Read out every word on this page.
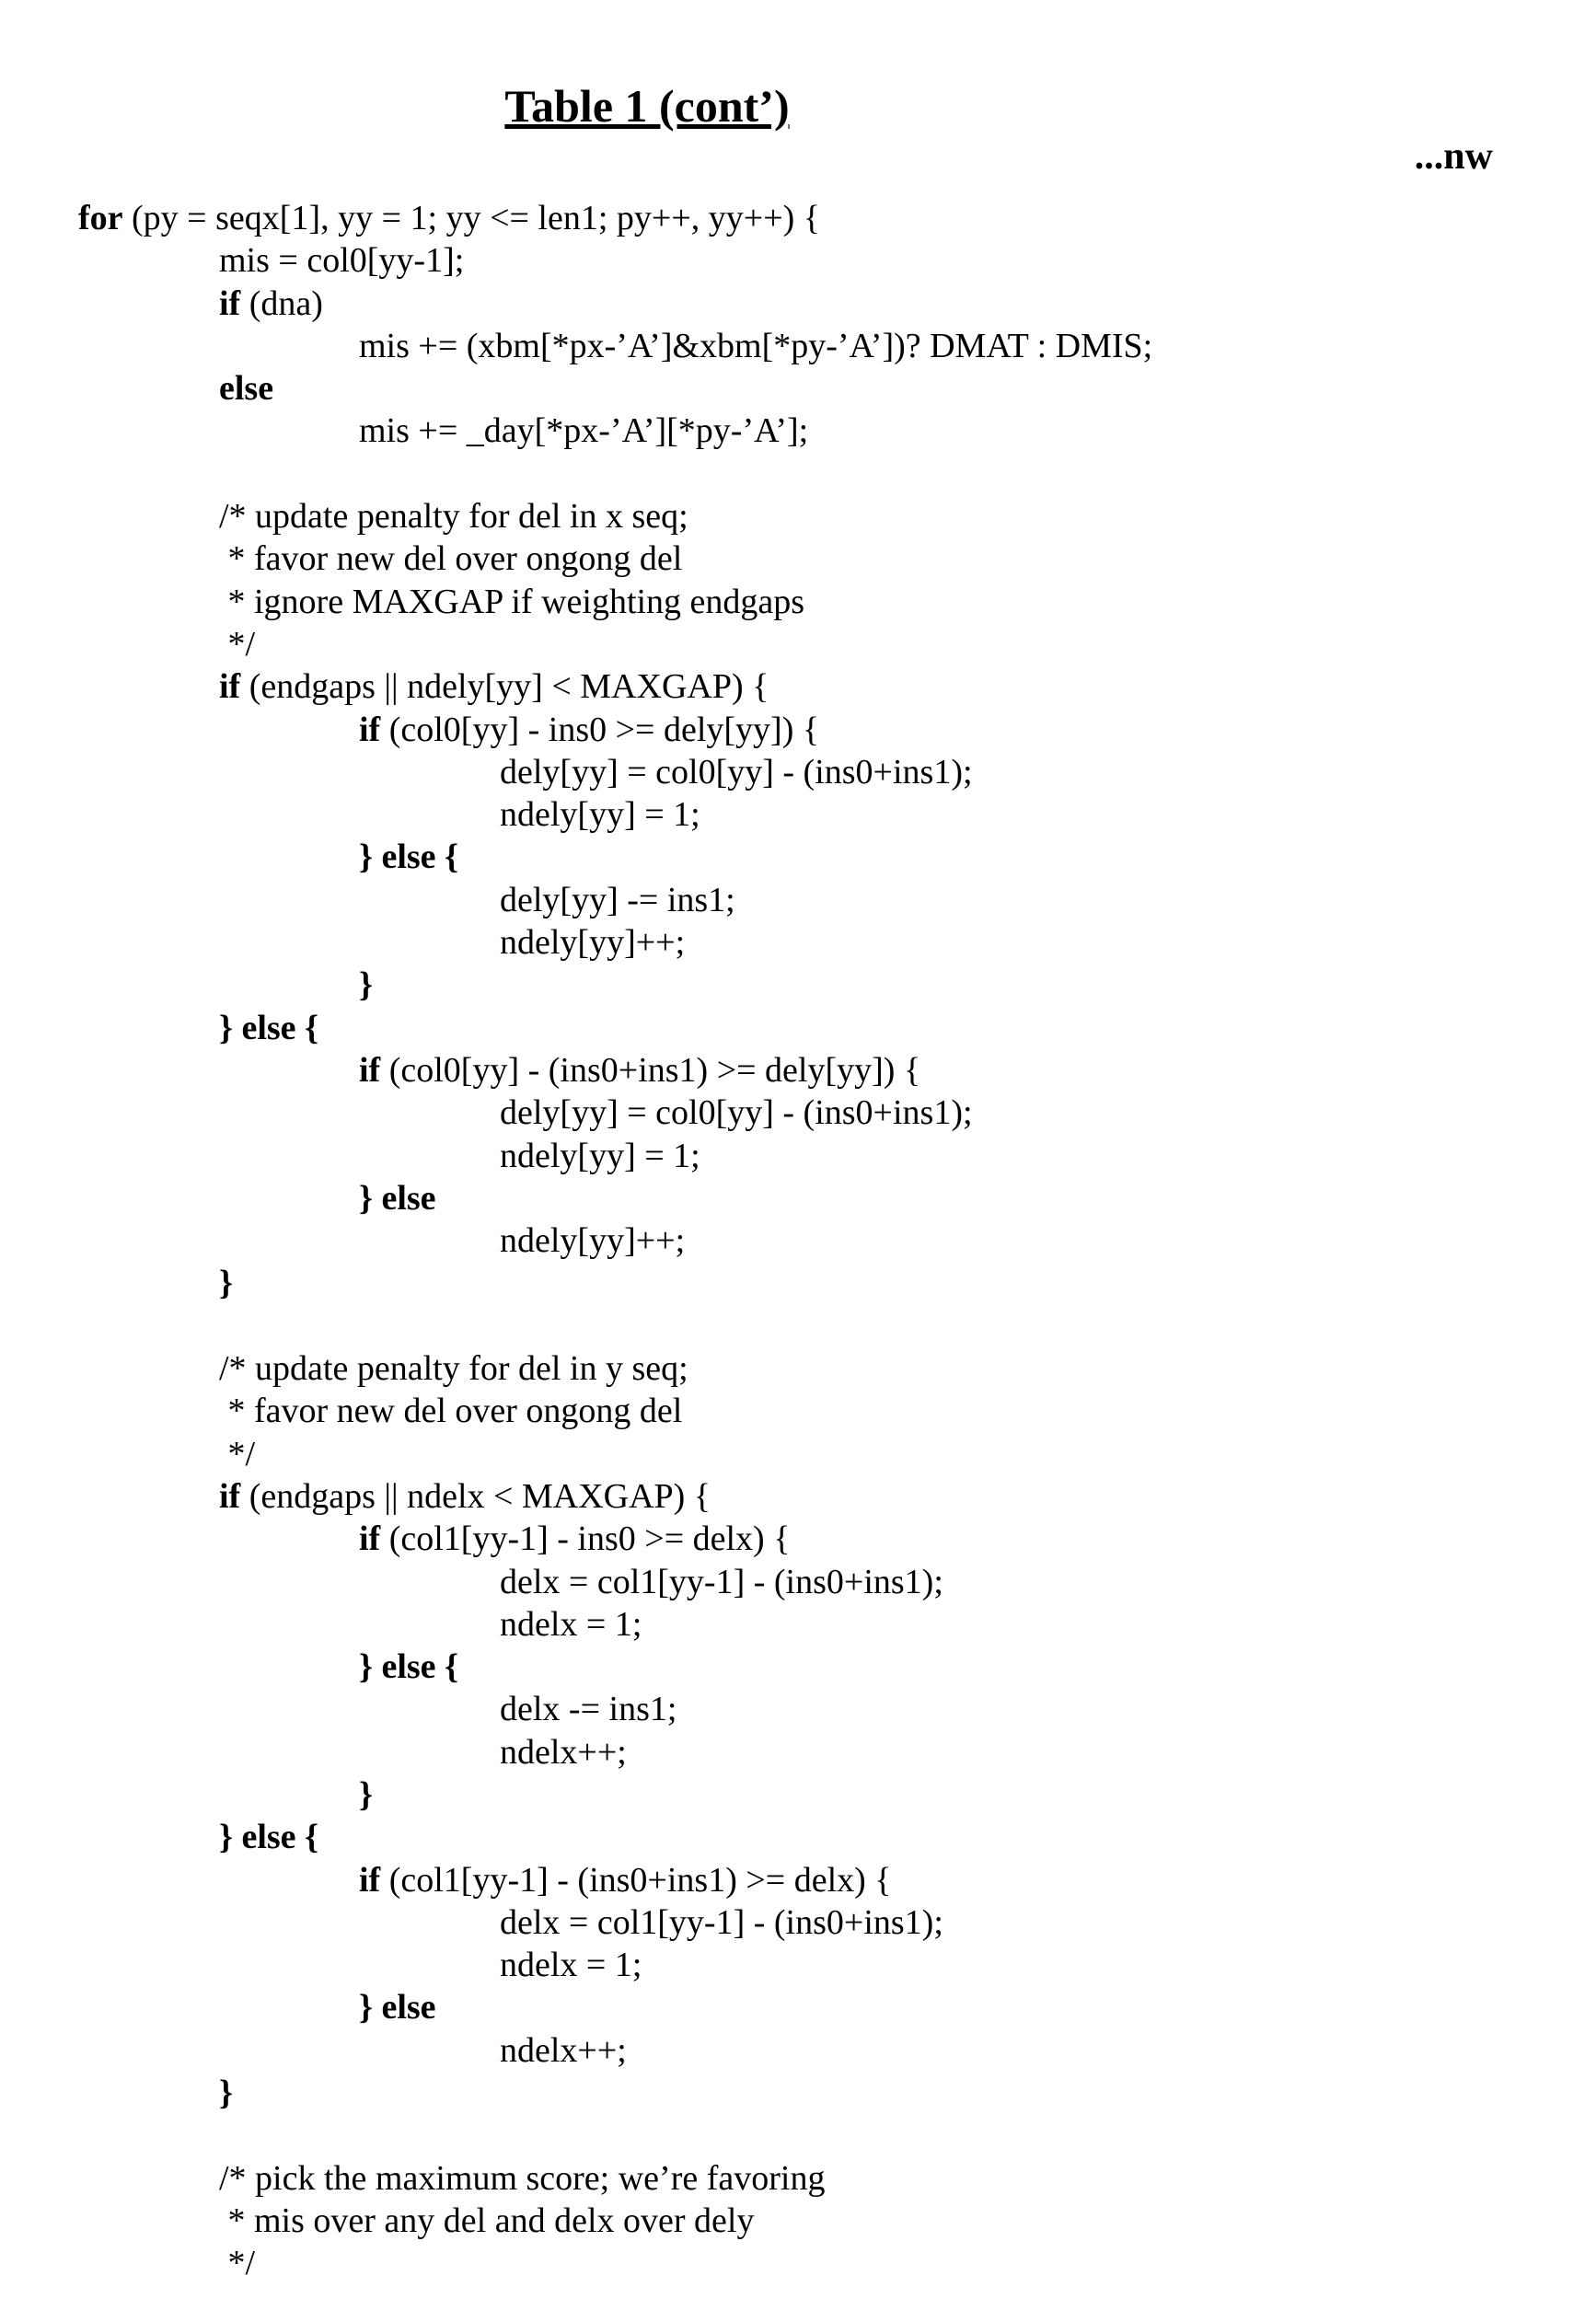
Table 1 (cont’)
...nw
for (py = seqx[1], yy = 1; yy <= len1; py++, yy++) {
mis = col0[yy-1];
if (dna)
mis += (xbm[*px-’A’]&xbm[*py-’A’])? DMAT : DMIS;
else
mis += _day[*px-’A’][*py-’A’];
/* update penalty for del in x seq;
* favor new del over ongong del
* ignore MAXGAP if weighting endgaps
*/
if (endgaps || ndely[yy] < MAXGAP) {
if (col0[yy] - ins0 >= dely[yy]) {
dely[yy] = col0[yy] - (ins0+ins1);
ndely[yy] = 1;
} else {
dely[yy] -= ins1;
ndely[yy]++;
}
} else {
if (col0[yy] - (ins0+ins1) >= dely[yy]) {
dely[yy] = col0[yy] - (ins0+ins1);
ndely[yy] = 1;
} else
ndely[yy]++;
}
/* update penalty for del in y seq;
* favor new del over ongong del
*/
if (endgaps || ndelx < MAXGAP) {
if (col1[yy-1] - ins0 >= delx) {
delx = col1[yy-1] - (ins0+ins1);
ndelx = 1;
} else {
delx -= ins1;
ndelx++;
}
} else {
if (col1[yy-1] - (ins0+ins1) >= delx) {
delx = col1[yy-1] - (ins0+ins1);
ndelx = 1;
} else
ndelx++;
}
/* pick the maximum score; we’re favoring
* mis over any del and delx over dely
*/
